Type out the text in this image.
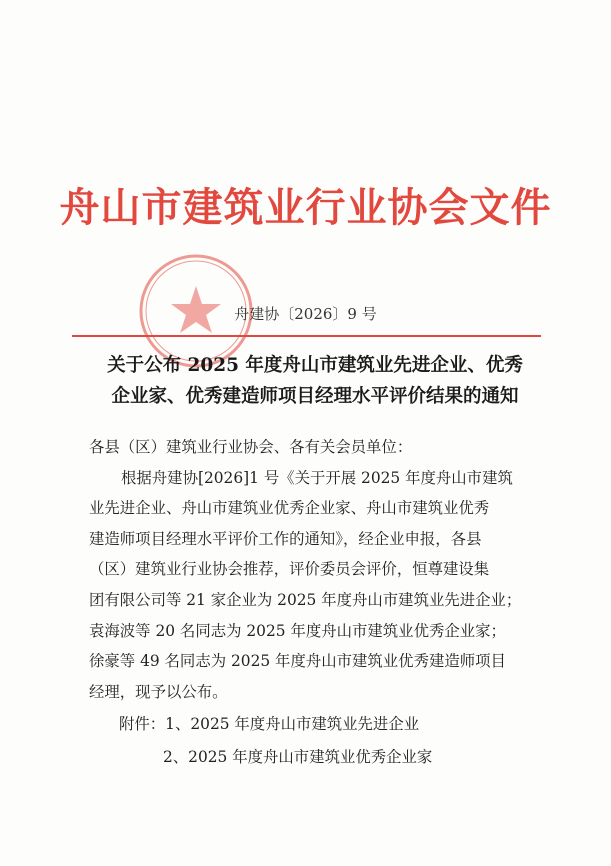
舟山市建筑业行业协会文件
舟建协〔2026〕9 号
关于公布 2025 年度舟山市建筑业先进企业、优秀
企业家、优秀建造师项目经理水平评价结果的通知
各县（区）建筑业行业协会、各有关会员单位：
根据舟建协[2026]1 号《关于开展 2025 年度舟山市建筑
业先进企业、舟山市建筑业优秀企业家、舟山市建筑业优秀
建造师项目经理水平评价工作的通知》，经企业申报，各县
（区）建筑业行业协会推荐，评价委员会评价，恒尊建设集
团有限公司等 21 家企业为 2025 年度舟山市建筑业先进企业；
袁海波等 20 名同志为 2025 年度舟山市建筑业优秀企业家；
徐豪等 49 名同志为 2025 年度舟山市建筑业优秀建造师项目
经理，现予以公布。
附件：1、2025 年度舟山市建筑业先进企业
2、2025 年度舟山市建筑业优秀企业家
